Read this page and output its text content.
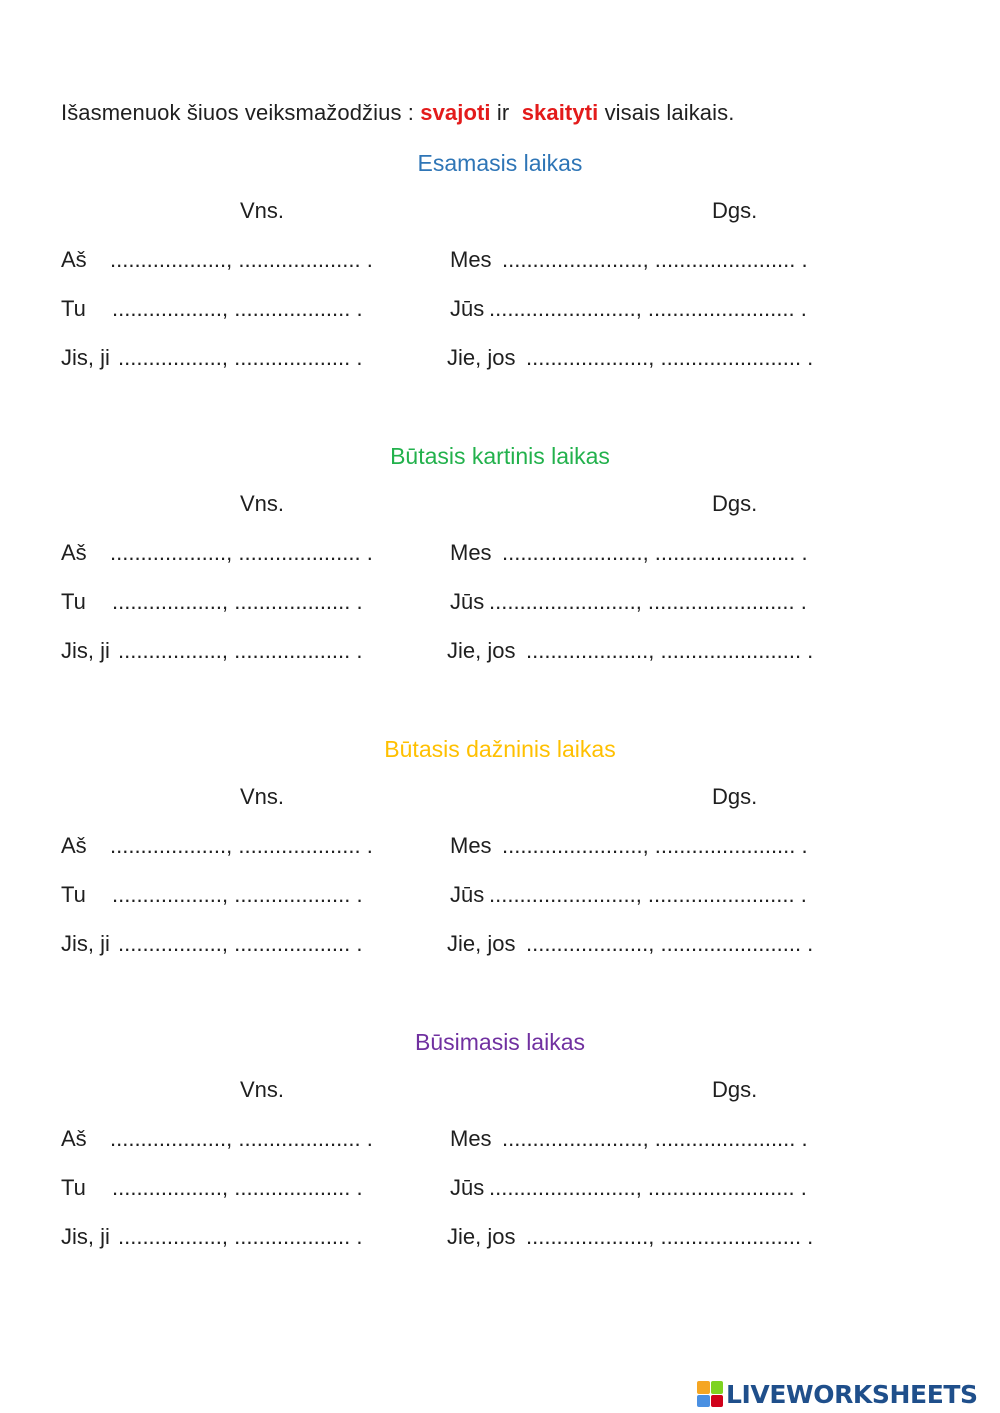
Išasmenuok šiuos veiksmažodžius : svajoti ir skaityti visais laikais.
Esamasis laikas
Vns.	Dgs.
Aš ..................., .................... .	Mes ......................., ....................... .
Tu .................., ................... .	Jūs ........................, ........................ .
Jis, ji ................., ................... .	Jie, jos ...................., ....................... .
Būtasis kartinis laikas
Vns.	Dgs.
Aš ..................., .................... .	Mes ......................., ....................... .
Tu .................., ................... .	Jūs ........................, ........................ .
Jis, ji ................., ................... .	Jie, jos ...................., ....................... .
Būtasis dažninis laikas
Vns.	Dgs.
Aš ..................., .................... .	Mes ......................., ....................... .
Tu .................., ................... .	Jūs ........................, ........................ .
Jis, ji ................., ................... .	Jie, jos ...................., ....................... .
Būsimasis laikas
Vns.	Dgs.
Aš ..................., .................... .	Mes ......................., ....................... .
Tu .................., ................... .	Jūs ........................, ........................ .
Jis, ji ................., ................... .	Jie, jos ...................., ....................... .
LIVEWORKSHEETS
